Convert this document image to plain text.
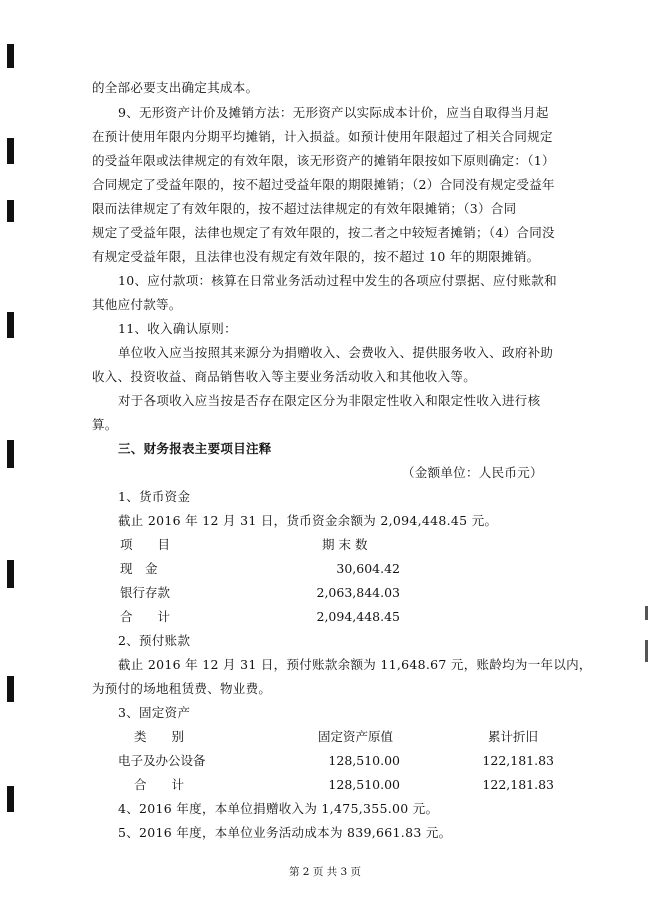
的全部必要支出确定其成本。
9、无形资产计价及摊销方法：无形资产以实际成本计价，应当自取得当月起
在预计使用年限内分期平均摊销，计入损益。如预计使用年限超过了相关合同规定
的受益年限或法律规定的有效年限，该无形资产的摊销年限按如下原则确定：（1）
合同规定了受益年限的，按不超过受益年限的期限摊销；（2）合同没有规定受益年
限而法律规定了有效年限的，按不超过法律规定的有效年限摊销；（3）合同
规定了受益年限，法律也规定了有效年限的，按二者之中较短者摊销；（4）合同没
有规定受益年限，且法律也没有规定有效年限的，按不超过 10 年的期限摊销。
10、应付款项：核算在日常业务活动过程中发生的各项应付票据、应付账款和
其他应付款等。
11、收入确认原则：
单位收入应当按照其来源分为捐赠收入、会费收入、提供服务收入、政府补助
收入、投资收益、商品销售收入等主要业务活动收入和其他收入等。
对于各项收入应当按是否存在限定区分为非限定性收入和限定性收入进行核
算。
三、财务报表主要项目注释
（金额单位：人民币元）
1、货币资金
截止 2016 年 12 月 31 日，货币资金余额为 2,094,448.45 元。
项　　目	期 末 数
现　金	30,604.42
银行存款	2,063,844.03
合　　计	2,094,448.45
2、预付账款
截止 2016 年 12 月 31 日，预付账款余额为 11,648.67 元，账龄均为一年以内，
为预付的场地租赁费、物业费。
3、固定资产
类　　别	固定资产原值	累计折旧
电子及办公设备	128,510.00	122,181.83
合　　计	128,510.00	122,181.83
4、2016 年度，本单位捐赠收入为 1,475,355.00 元。
5、2016 年度，本单位业务活动成本为 839,661.83 元。
第 2 页 共 3 页
